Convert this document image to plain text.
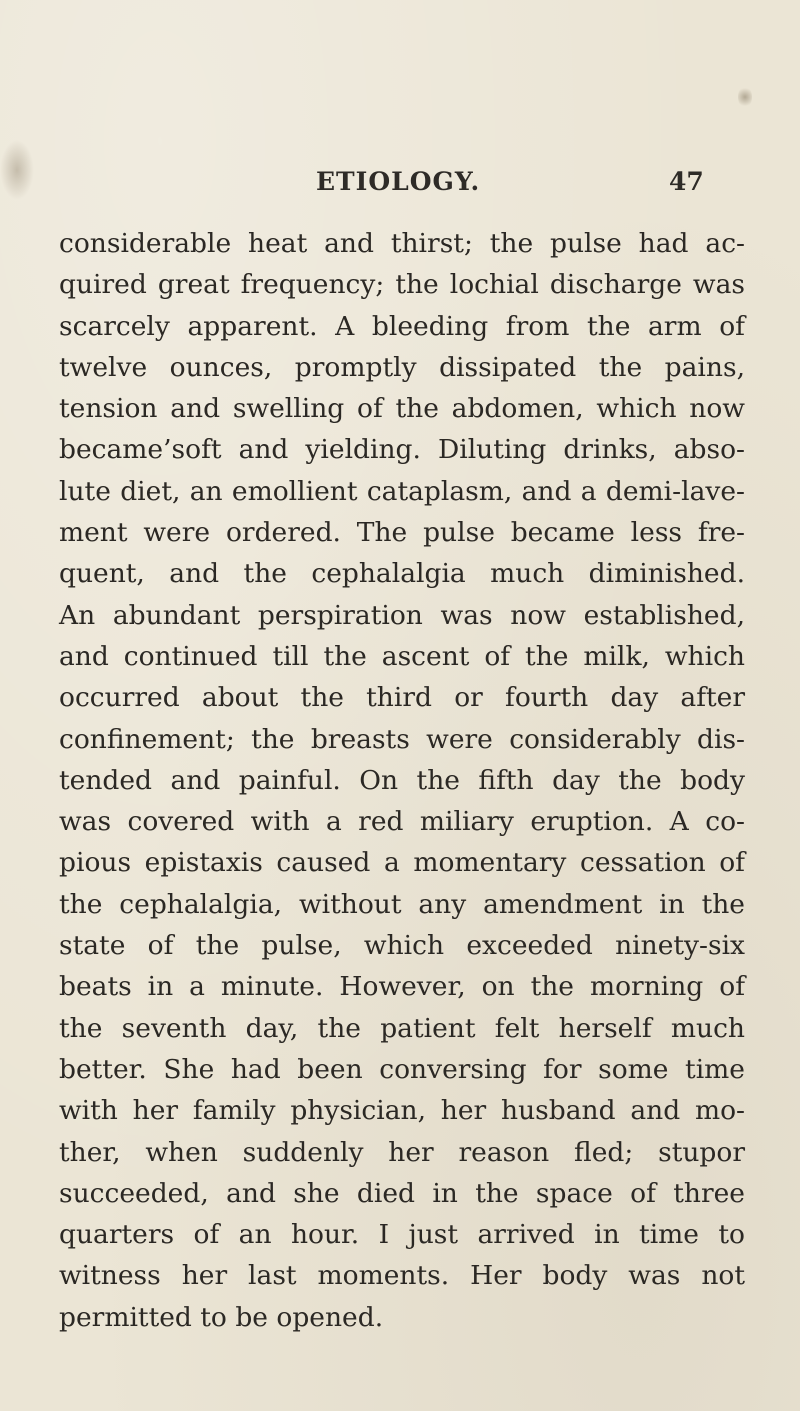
ETIOLOGY.	47
considerable heat and thirst; the pulse had ac-
quired great frequency; the lochial discharge was
scarcely apparent. A bleeding from the arm of
twelve ounces, promptly dissipated the pains,
tension and swelling of the abdomen, which now
became’soft and yielding. Diluting drinks, abso-
lute diet, an emollient cataplasm, and a demi-lave-
ment were ordered. The pulse became less fre-
quent, and the cephalalgia much diminished.
An abundant perspiration was now established,
and continued till the ascent of the milk, which
occurred about the third or fourth day after
confinement; the breasts were considerably dis-
tended and painful. On the fifth day the body
was covered with a red miliary eruption. A co-
pious epistaxis caused a momentary cessation of
the cephalalgia, without any amendment in the
state of the pulse, which exceeded ninety-six
beats in a minute. However, on the morning of
the seventh day, the patient felt herself much
better. She had been conversing for some time
with her family physician, her husband and mo-
ther, when suddenly her reason fled; stupor
succeeded, and she died in the space of three
quarters of an hour. I just arrived in time to
witness her last moments. Her body was not
permitted to be opened.
